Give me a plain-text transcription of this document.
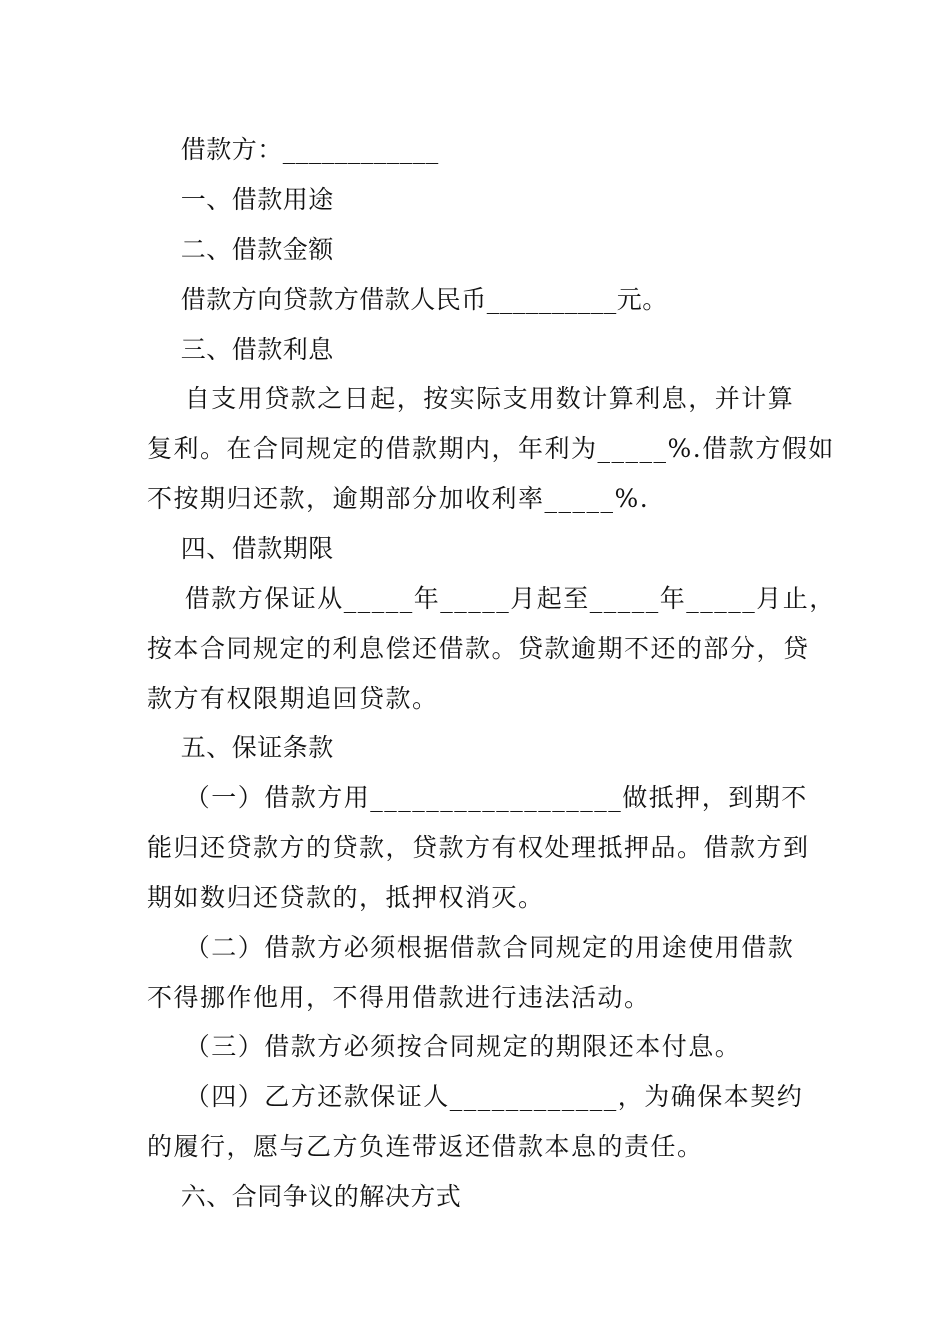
借款方：____________
一、借款用途
二、借款金额
借款方向贷款方借款人民币__________元。
三、借款利息
自支用贷款之日起，按实际支用数计算利息，并计算
复利。在合同规定的借款期内，年利为_____%.借款方假如
不按期归还款，逾期部分加收利率_____%.
四、借款期限
借款方保证从_____年_____月起至_____年_____月止，
按本合同规定的利息偿还借款。贷款逾期不还的部分，贷
款方有权限期追回贷款。
五、保证条款
（一）借款方用__________________做抵押，到期不
能归还贷款方的贷款，贷款方有权处理抵押品。借款方到
期如数归还贷款的，抵押权消灭。
（二）借款方必须根据借款合同规定的用途使用借款
不得挪作他用，不得用借款进行违法活动。
（三）借款方必须按合同规定的期限还本付息。
（四）乙方还款保证人____________，为确保本契约
的履行，愿与乙方负连带返还借款本息的责任。
六、合同争议的解决方式
